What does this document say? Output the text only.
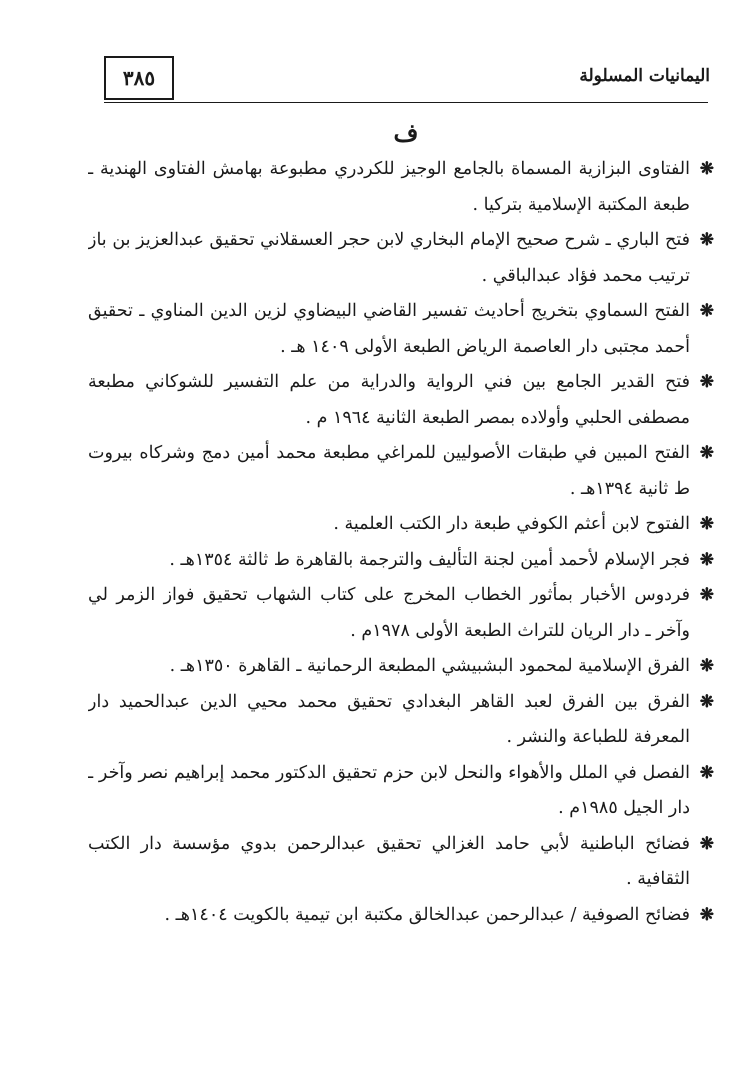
اليمانيات المسلولة
٣٨٥
ف
❋
الفتاوى البزازية المسماة بالجامع الوجيز للكردري مطبوعة بهامش الفتاوى الهندية ـ طبعة المكتبة الإسلامية بتركيا .
❋
فتح الباري ـ شرح صحيح الإمام البخاري لابن حجر العسقلاني تحقيق عبدالعزيز بن باز ترتيب محمد فؤاد عبدالباقي .
❋
الفتح السماوي بتخريج أحاديث تفسير القاضي البيضاوي لزين الدين المناوي ـ تحقيق أحمد مجتبى دار العاصمة الرياض الطبعة الأولى ١٤٠٩ هـ .
❋
فتح القدير الجامع بين فني الرواية والدراية من علم التفسير للشوكاني مطبعة مصطفى الحلبي وأولاده بمصر الطبعة الثانية ١٩٦٤ م .
❋
الفتح المبين في طبقات الأصوليين للمراغي مطبعة محمد أمين دمج وشركاه بيروت ط ثانية ١٣٩٤هـ .
❋
الفتوح لابن أعثم الكوفي طبعة دار الكتب العلمية .
❋
فجر الإسلام لأحمد أمين لجنة التأليف والترجمة بالقاهرة ط ثالثة ١٣٥٤هـ .
❋
فردوس الأخبار بمأثور الخطاب المخرج على كتاب الشهاب تحقيق فواز الزمر لي وآخر ـ دار الريان للتراث الطبعة الأولى ١٩٧٨م .
❋
الفرق الإسلامية لمحمود البشبيشي المطبعة الرحمانية ـ القاهرة ١٣٥٠هـ .
❋
الفرق بين الفرق لعبد القاهر البغدادي تحقيق محمد محيي الدين عبدالحميد دار المعرفة للطباعة والنشر .
❋
الفصل في الملل والأهواء والنحل لابن حزم تحقيق الدكتور محمد إبراهيم نصر وآخر ـ دار الجيل ١٩٨٥م .
❋
فضائح الباطنية لأبي حامد الغزالي تحقيق عبدالرحمن بدوي مؤسسة دار الكتب الثقافية .
❋
فضائح الصوفية / عبدالرحمن عبدالخالق مكتبة ابن تيمية بالكويت ١٤٠٤هـ .
